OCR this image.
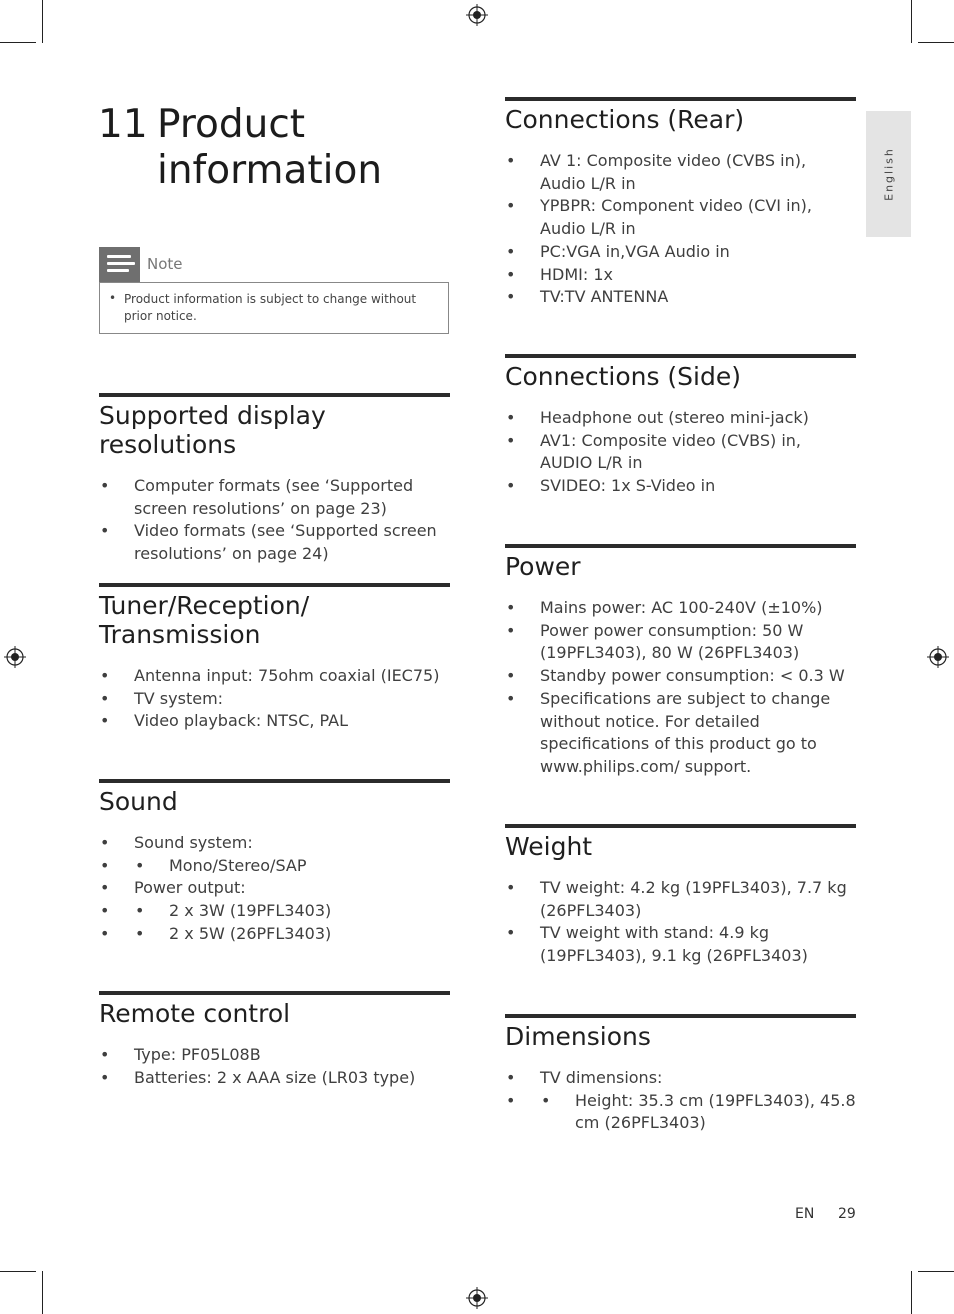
English
11 Product information
Note
• Product information is subject to change without prior notice.
Supported display resolutions
• Computer formats (see ‘Supported screen resolutions’ on page 23)
• Video formats (see ‘Supported screen resolutions’ on page 24)
Tuner/Reception/ Transmission
• Antenna input: 75ohm coaxial (IEC75)
• TV system:
• Video playback: NTSC, PAL
Sound
• Sound system:
• Mono/Stereo/SAP
•
• Power output:
• 2 x 3W (19PFL3403)
•
• 2 x 5W (26PFL3403)
•
Remote control
• Type: PF05L08B
• Batteries: 2 x AAA size (LR03 type)
Connections (Rear)
• AV 1: Composite video (CVBS in), Audio L/R in
• YPBPR: Component video (CVI in), Audio L/R in
• PC:VGA in,VGA Audio in
• HDMI: 1x
• TV:TV ANTENNA
Connections (Side)
• Headphone out (stereo mini-jack)
• AV1: Composite video (CVBS) in, AUDIO L/R in
• SVIDEO: 1x S-Video in
Power
• Mains power: AC 100-240V (±10%)
• Power power consumption: 50 W (19PFL3403), 80 W (26PFL3403)
• Standby power consumption: < 0.3 W
• Specifications are subject to change without notice. For detailed specifications of this product go to www.philips.com/ support.
Weight
• TV weight: 4.2 kg (19PFL3403), 7.7 kg (26PFL3403)
• TV weight with stand: 4.9 kg (19PFL3403), 9.1 kg (26PFL3403)
Dimensions
• TV dimensions:
• Height: 35.3 cm (19PFL3403), 45.8 cm (26PFL3403)
•
EN 29
